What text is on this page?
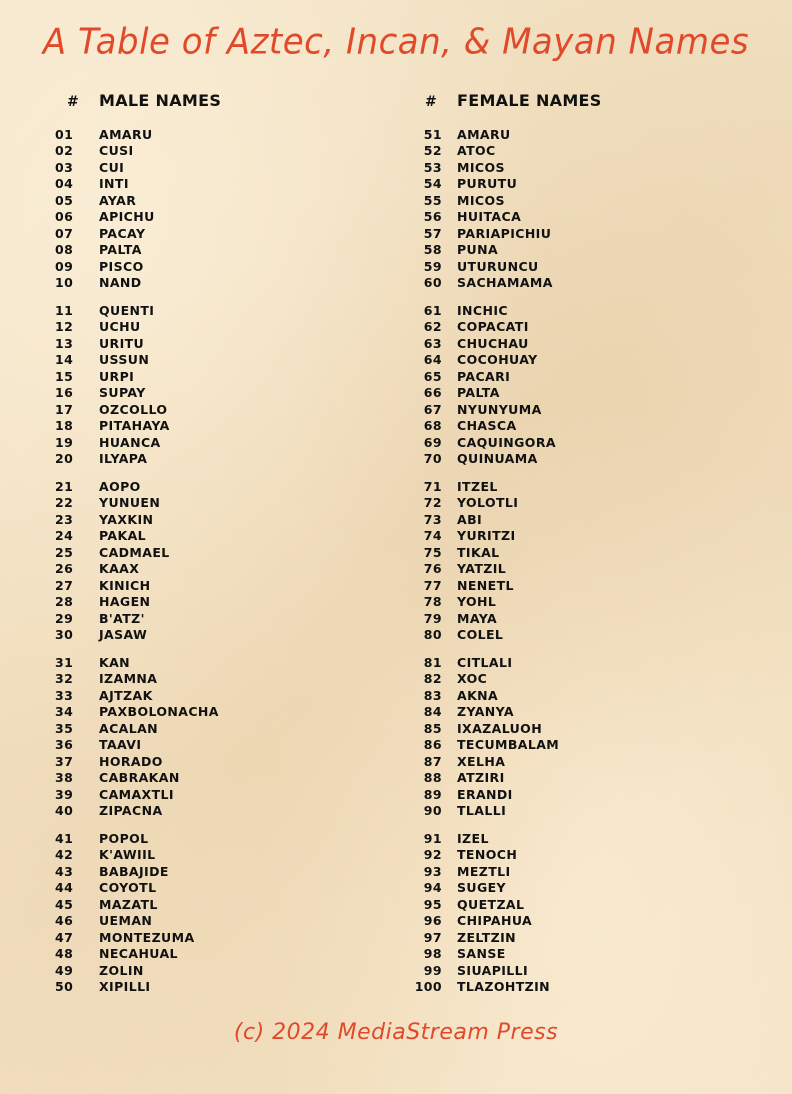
A Table of Aztec, Incan, & Mayan Names
#	MALE NAMES
01	AMARU
02	CUSI
03	CUI
04	INTI
05	AYAR
06	APICHU
07	PACAY
08	PALTA
09	PISCO
10	NAND
11	QUENTI
12	UCHU
13	URITU
14	USSUN
15	URPI
16	SUPAY
17	OZCOLLO
18	PITAHAYA
19	HUANCA
20	ILYAPA
21	AOPO
22	YUNUEN
23	YAXKIN
24	PAKAL
25	CADMAEL
26	KAAX
27	KINICH
28	HAGEN
29	B'ATZ'
30	JASAW
31	KAN
32	IZAMNA
33	AJTZAK
34	PAXBOLONACHA
35	ACALAN
36	TAAVI
37	HORADO
38	CABRAKAN
39	CAMAXTLI
40	ZIPACNA
41	POPOL
42	K'AWIIL
43	BABAJIDE
44	COYOTL
45	MAZATL
46	UEMAN
47	MONTEZUMA
48	NECAHUAL
49	ZOLIN
50	XIPILLI
#	FEMALE NAMES
51	AMARU
52	ATOC
53	MICOS
54	PURUTU
55	MICOS
56	HUITACA
57	PARIAPICHIU
58	PUNA
59	UTURUNCU
60	SACHAMAMA
61	INCHIC
62	COPACATI
63	CHUCHAU
64	COCOHUAY
65	PACARI
66	PALTA
67	NYUNYUMA
68	CHASCA
69	CAQUINGORA
70	QUINUAMA
71	ITZEL
72	YOLOTLI
73	ABI
74	YURITZI
75	TIKAL
76	YATZIL
77	NENETL
78	YOHL
79	MAYA
80	COLEL
81	CITLALI
82	XOC
83	AKNA
84	ZYANYA
85	IXAZALUOH
86	TECUMBALAM
87	XELHA
88	ATZIRI
89	ERANDI
90	TLALLI
91	IZEL
92	TENOCH
93	MEZTLI
94	SUGEY
95	QUETZAL
96	CHIPAHUA
97	ZELTZIN
98	SANSE
99	SIUAPILLI
100	TLAZOHTZIN
(c) 2024 MediaStream Press
